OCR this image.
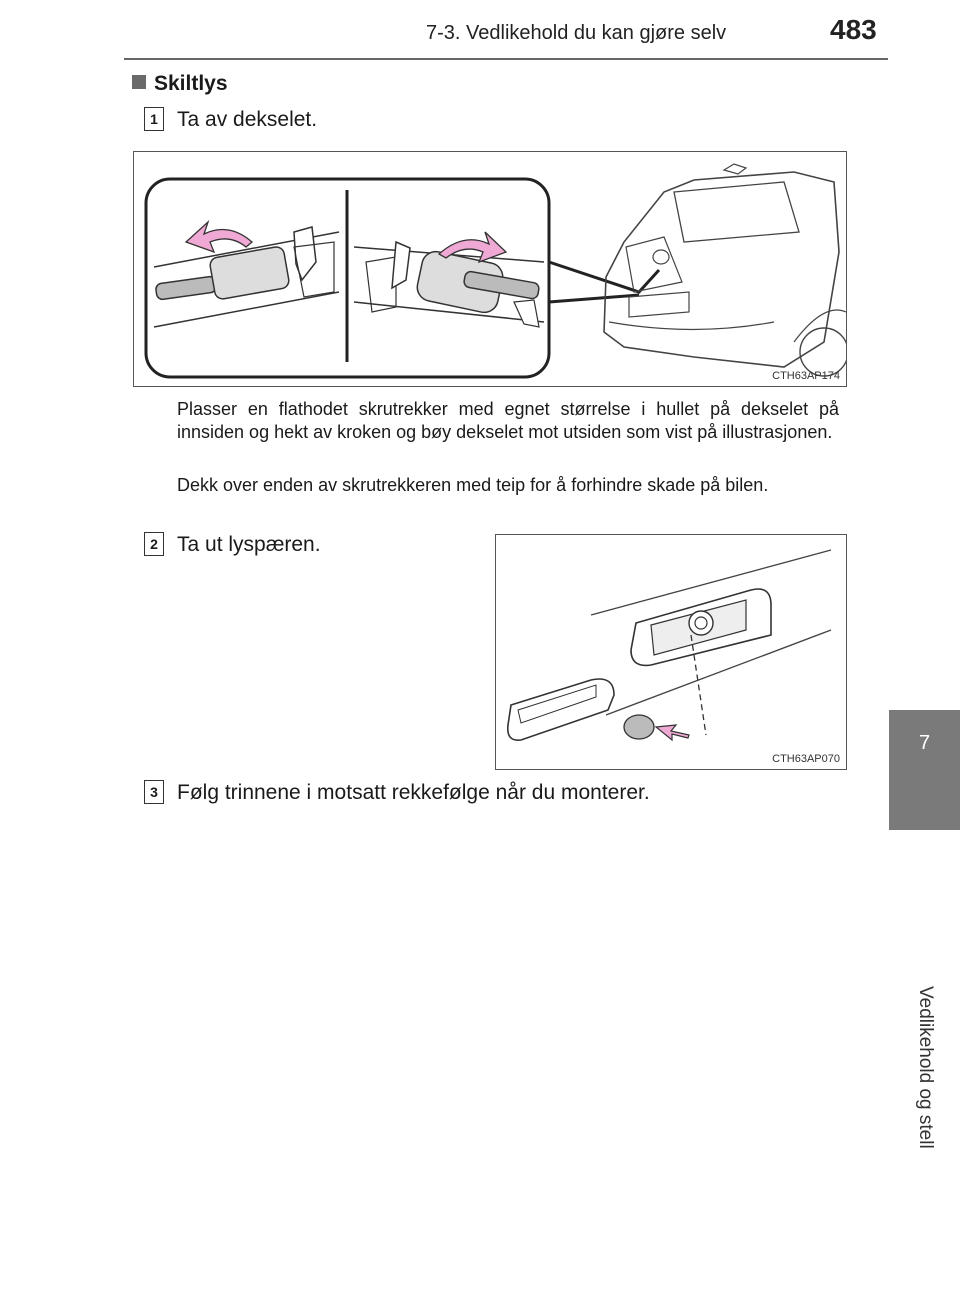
7-3. Vedlikehold du kan gjøre selv	483
7
Vedlikehold og stell
Skiltlys
1 Ta av dekselet.
CTH63AP174
Plasser en flathodet skrutrekker med egnet størrelse i hullet på dekselet på innsiden og hekt av kroken og bøy dekselet mot utsiden som vist på illustrasjonen.
Dekk over enden av skrutrekkeren med teip for å forhindre skade på bilen.
2 Ta ut lyspæren.
CTH63AP070
3 Følg trinnene i motsatt rekkefølge når du monterer.
